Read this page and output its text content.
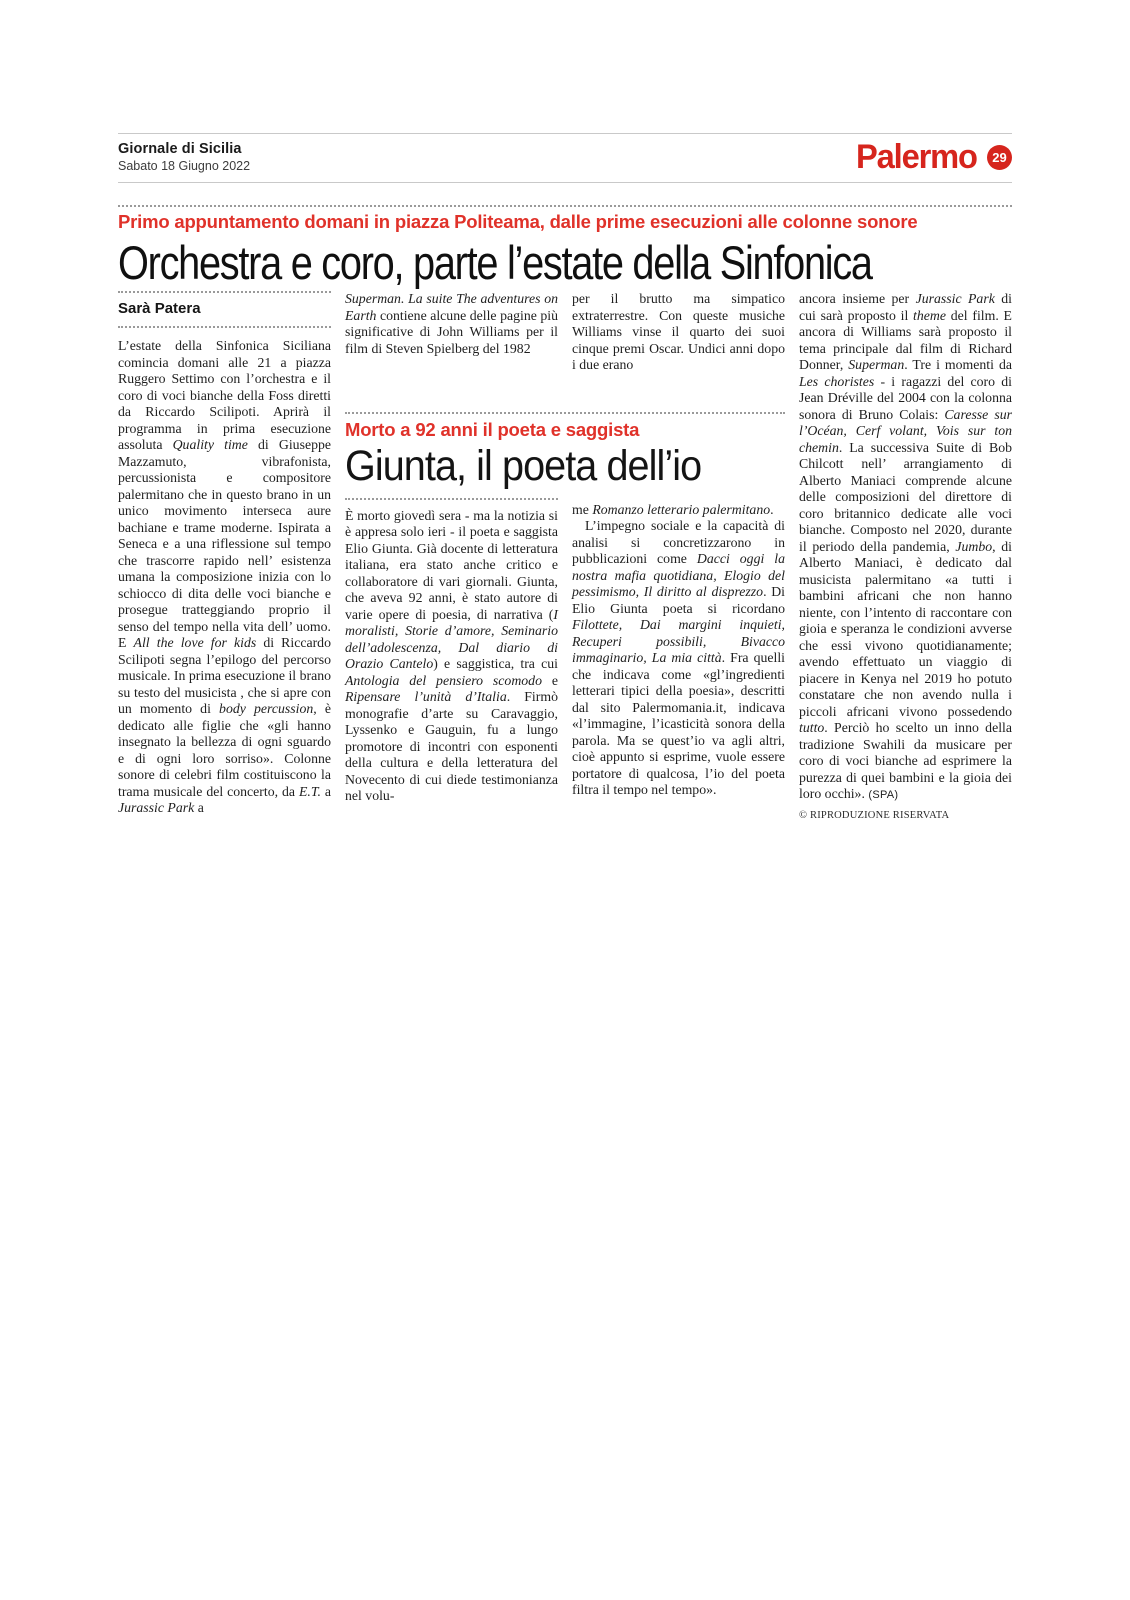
Giornale di Sicilia
Sabato 18 Giugno 2022	Palermo	29
Primo appuntamento domani in piazza Politeama, dalle prime esecuzioni alle colonne sonore
Orchestra e coro, parte l’estate della Sinfonica
Sarà Patera

L’estate della Sinfonica Siciliana comincia domani alle 21 a piazza Ruggero Settimo con l’orchestra e il coro di voci bianche della Foss diretti da Riccardo Scilipoti. Aprirà il programma in prima esecuzione assoluta Quality time di Giuseppe Mazzamuto, vibrafonista, percussionista e compositore palermitano che in questo brano in un unico movimento interseca aure bachiane e trame moderne. Ispirata a Seneca e a una riflessione sul tempo che trascorre rapido nell’ esistenza umana la composizione inizia con lo schiocco di dita delle voci bianche e prosegue tratteggiando proprio il senso del tempo nella vita dell’ uomo. E All the love for kids di Riccardo Scilipoti segna l’epilogo del percorso musicale. In prima esecuzione il brano su testo del musicista , che si apre con un momento di body percussion, è dedicato alle figlie che «gli hanno insegnato la bellezza di ogni sguardo e di ogni loro sorriso». Colonne sonore di celebri film costituiscono la trama musicale del concerto, da E.T. a Jurassic Park a

Superman. La suite The adventures on Earth contiene alcune delle pagine più significative di John Williams per il film di Steven Spielberg del 1982

per il brutto ma simpatico extraterrestre. Con queste musiche Williams vinse il quarto dei suoi cinque premi Oscar. Undici anni dopo i due erano

Morto a 92 anni il poeta e saggista
Giunta, il poeta dell’io

È morto giovedì sera - ma la notizia si è appresa solo ieri - il poeta e saggista Elio Giunta. Già docente di letteratura italiana, era stato anche critico e collaboratore di vari giornali. Giunta, che aveva 92 anni, è stato autore di varie opere di poesia, di narrativa (I moralisti, Storie d’amore, Seminario dell’adolescenza, Dal diario di Orazio Cantelo) e saggistica, tra cui Antologia del pensiero scomodo e Ripensare l’unità d’Italia. Firmò monografie d’arte su Caravaggio, Lyssenko e Gauguin, fu a lungo promotore di incontri con esponenti della cultura e della letteratura del Novecento di cui diede testimonianza nel volu-

me Romanzo letterario palermitano.

L’impegno sociale e la capacità di analisi si concretizzarono in pubblicazioni come Dacci oggi la nostra mafia quotidiana, Elogio del pessimismo, Il diritto al disprezzo. Di Elio Giunta poeta si ricordano Filottete, Dai margini inquieti, Recuperi possibili, Bivacco immaginario, La mia città. Fra quelli che indicava come «gl’ingredienti letterari tipici della poesia», descritti dal sito Palermomania.it, indicava «l’immagine, l’icasticità sonora della parola. Ma se quest’io va agli altri, cioè appunto si esprime, vuole essere portatore di qualcosa, l’io del poeta filtra il tempo nel tempo».

ancora insieme per Jurassic Park di cui sarà proposto il theme del film. E ancora di Williams sarà proposto il tema principale dal film di Richard Donner, Superman. Tre i momenti da Les choristes - i ragazzi del coro di Jean Dréville del 2004 con la colonna sonora di Bruno Colais: Caresse sur l’Océan, Cerf volant, Vois sur ton chemin. La successiva Suite di Bob Chilcott nell’ arrangiamento di Alberto Maniaci comprende alcune delle composizioni del direttore di coro britannico dedicate alle voci bianche. Composto nel 2020, durante il periodo della pandemia, Jumbo, di Alberto Maniaci, è dedicato dal musicista palermitano «a tutti i bambini africani che non hanno niente, con l’intento di raccontare con gioia e speranza le condizioni avverse che essi vivono quotidianamente; avendo effettuato un viaggio di piacere in Kenya nel 2019 ho potuto constatare che non avendo nulla i piccoli africani vivono possedendo tutto. Perciò ho scelto un inno della tradizione Swahili da musicare per coro di voci bianche ad esprimere la purezza di quei bambini e la gioia dei loro occhi». (SPA)

© RIPRODUZIONE RISERVATA
